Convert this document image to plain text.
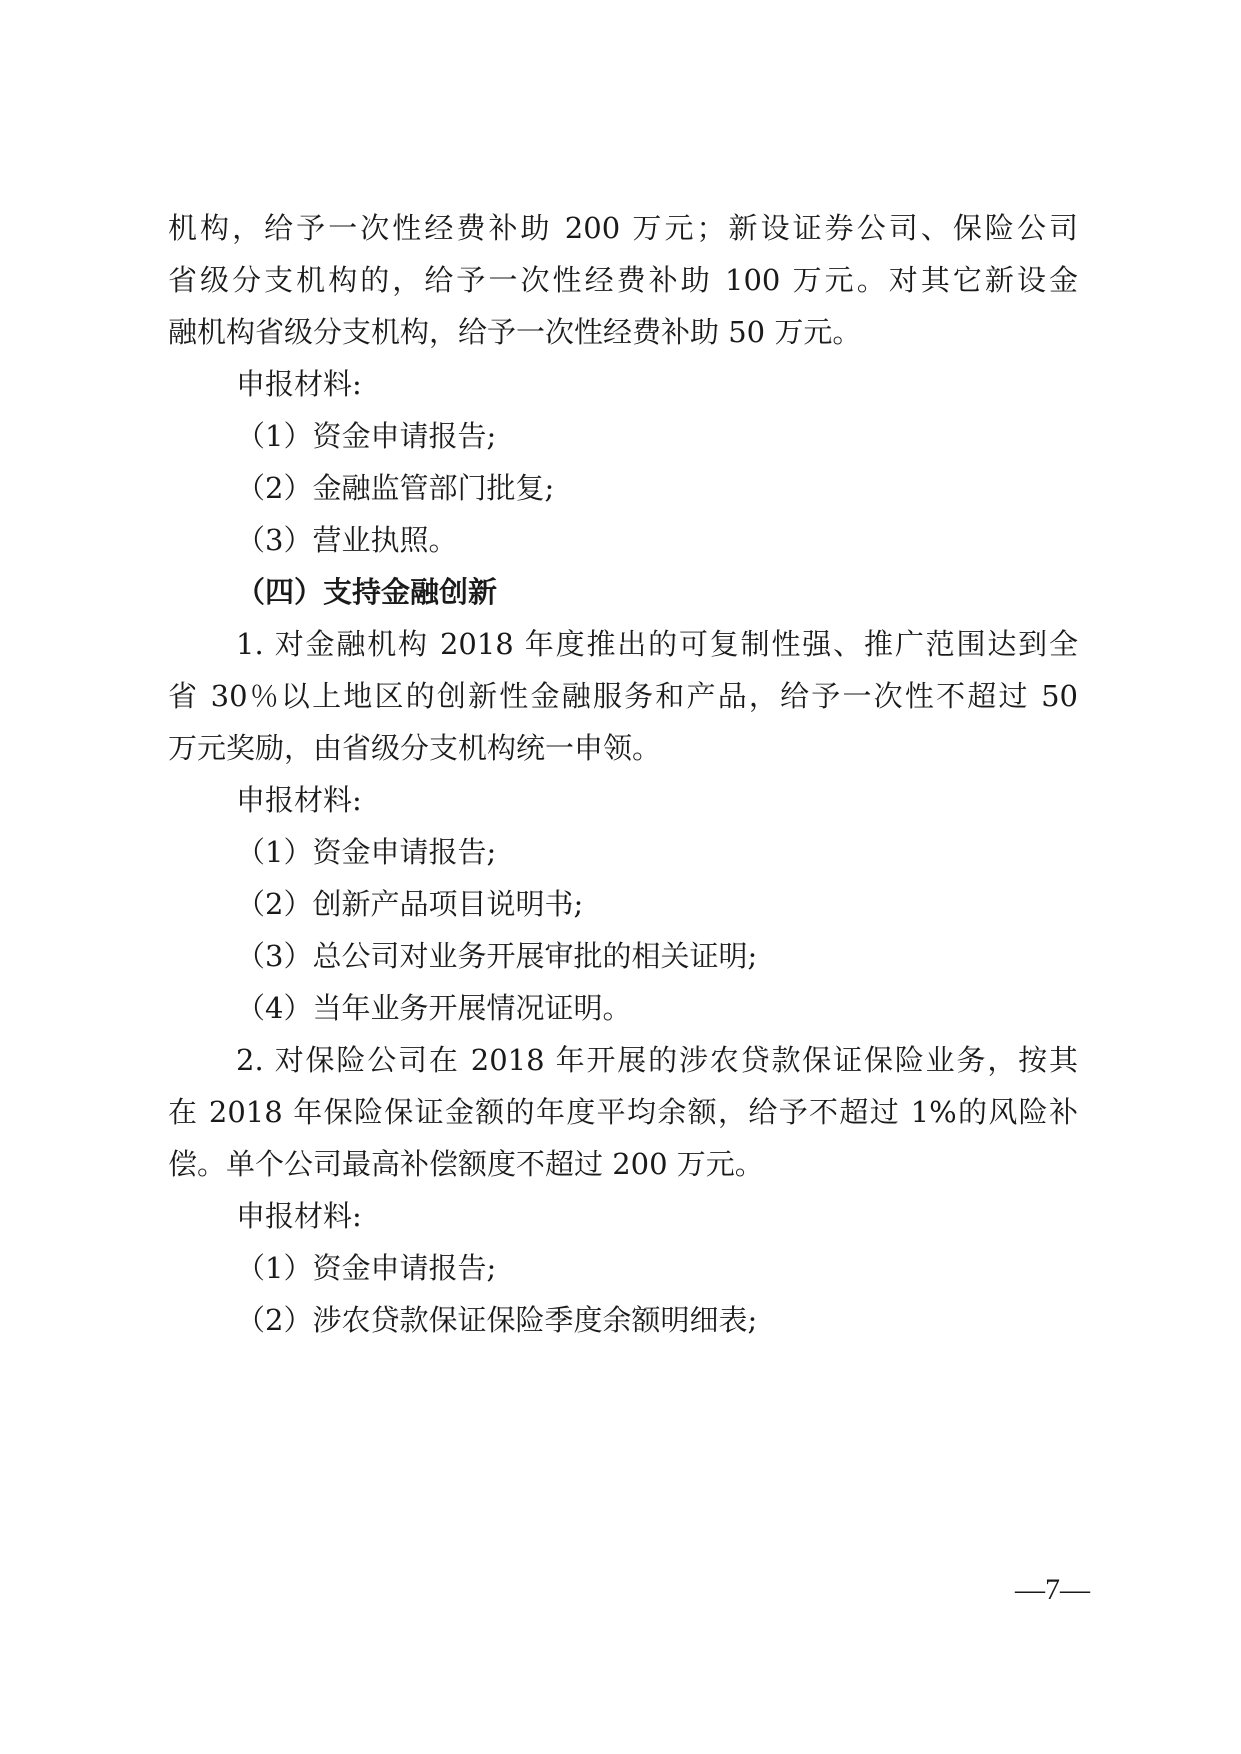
机构，给予一次性经费补助 200 万元；新设证券公司、保险公司
省级分支机构的，给予一次性经费补助 100 万元。对其它新设金
融机构省级分支机构，给予一次性经费补助 50 万元。
申报材料:
（1）资金申请报告;
（2）金融监管部门批复;
（3）营业执照。
（四）支持金融创新
1. 对金融机构 2018 年度推出的可复制性强、推广范围达到全
省 30％以上地区的创新性金融服务和产品，给予一次性不超过 50
万元奖励，由省级分支机构统一申领。
申报材料:
（1）资金申请报告;
（2）创新产品项目说明书;
（3）总公司对业务开展审批的相关证明;
（4）当年业务开展情况证明。
2. 对保险公司在 2018 年开展的涉农贷款保证保险业务，按其
在 2018 年保险保证金额的年度平均余额，给予不超过 1%的风险补
偿。单个公司最高补偿额度不超过 200 万元。
申报材料:
（1）资金申请报告;
（2）涉农贷款保证保险季度余额明细表;
—7—
